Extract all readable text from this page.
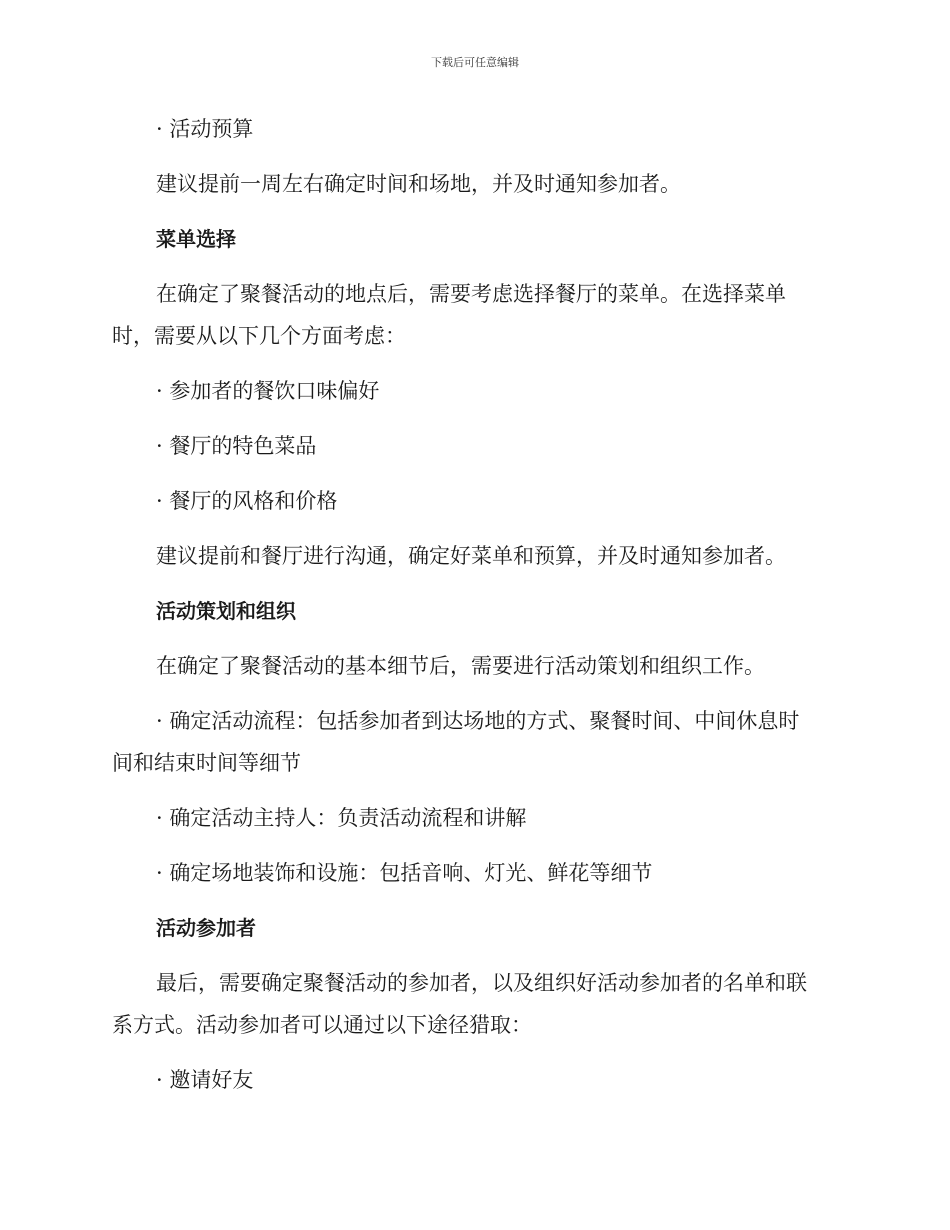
下载后可任意编辑
· 活动预算
建议提前一周左右确定时间和场地，并及时通知参加者。
菜单选择
在确定了聚餐活动的地点后，需要考虑选择餐厅的菜单。在选择菜单
时，需要从以下几个方面考虑：
· 参加者的餐饮口味偏好
· 餐厅的特色菜品
· 餐厅的风格和价格
建议提前和餐厅进行沟通，确定好菜单和预算，并及时通知参加者。
活动策划和组织
在确定了聚餐活动的基本细节后，需要进行活动策划和组织工作。
· 确定活动流程：包括参加者到达场地的方式、聚餐时间、中间休息时
间和结束时间等细节
· 确定活动主持人：负责活动流程和讲解
· 确定场地装饰和设施：包括音响、灯光、鲜花等细节
活动参加者
最后，需要确定聚餐活动的参加者，以及组织好活动参加者的名单和联
系方式。活动参加者可以通过以下途径猎取：
· 邀请好友
